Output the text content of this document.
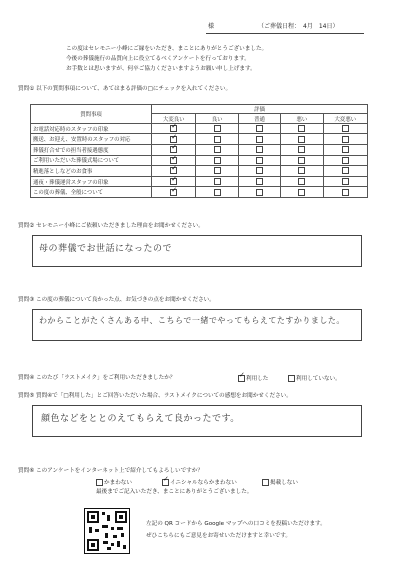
様	（ご葬儀日程：　4月　14日）
この度はセレモニー小峰にご縁をいただき、まことにありがとうございました。
今後の葬儀施行の品質向上に役立てるべくアンケートを行っております。
お手数とは思いますが、何卒ご協力くださいますようお願い申し上げます。
質問① 以下の質問事項について、あてはまる評価の□にチェックを入れてください。
質問事項	評価				
	大変良い	良い	普通	悪い	大変悪い
お電話対応時のスタッフの印象	✓				
搬送、お迎え、安置時のスタッフの対応	✓				
葬儀打合せでの担当者接遇態度	✓				
ご利用いただいた葬儀式場について	✓				
精進落としなどのお食事	✓				
通夜・葬儀運営スタッフの印象	✓				
この度の葬儀、全般について	✓				
質問② セレモニー小峰にご依頼いただきました理由をお聞かせください。
母の葬儀でお世話になったので
質問③ この度の葬儀について良かった点、お気づきの点をお聞かせください。
わからことがたくさんある中、こちらで一緒でやってもらえてたすかりました。
質問④ このたび「ラストメイク」をご利用いただきましたか？ ✓	利用した	利用していない。
質問⑤ 質問④で「□利用した」とご回答いただいた場合、ラストメイクについての感想をお聞かせください。
顔色などをととのえてもらえて良かったです。
質問⑥ このアンケートをインターネット上で紹介してもよろしいですか？
かまわない ✓	イニシャルならかまわない	掲載しない
最後までご記入いただき、まことにありがとうございました。
左記の QR コードから Google マップへの口コミを投稿いただけます。
ぜひこちらにもご意見をお寄せいただけますと幸いです。
